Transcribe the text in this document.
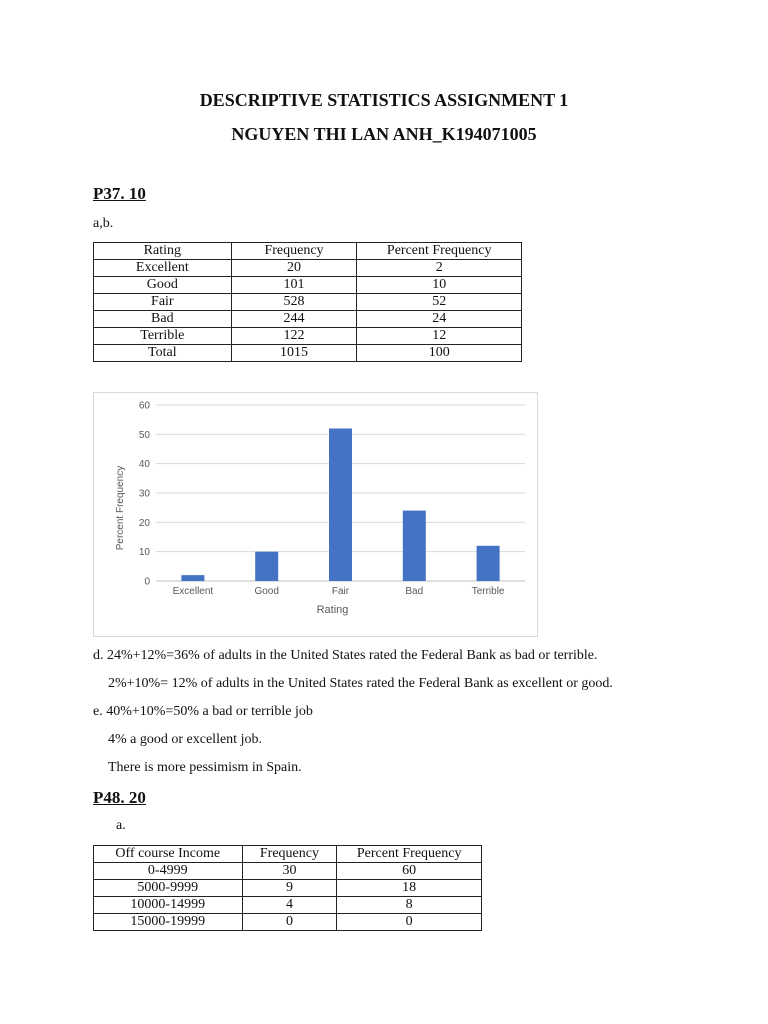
DESCRIPTIVE STATISTICS ASSIGNMENT 1
NGUYEN THI LAN ANH_K194071005
P37. 10
a,b.
Rating	Frequency	Percent Frequency
Excellent	20	2
Good	101	10
Fair	528	52
Bad	244	24
Terrible	122	12
Total	1015	100
0
10
20
30
40
50
60
Excellent	Good	Fair	Bad	Terrible
Rating
Percent Frequency
d. 24%+12%=36% of adults in the United States rated the Federal Bank as bad or terrible.
2%+10%= 12% of adults in the United States rated the Federal Bank as excellent or good.
e. 40%+10%=50% a bad or terrible job
4% a good or excellent job.
There is more pessimism in Spain.
P48. 20
a.
Off course Income	Frequency	Percent Frequency
0-4999	30	60
5000-9999	9	18
10000-14999	4	8
15000-19999	0	0
